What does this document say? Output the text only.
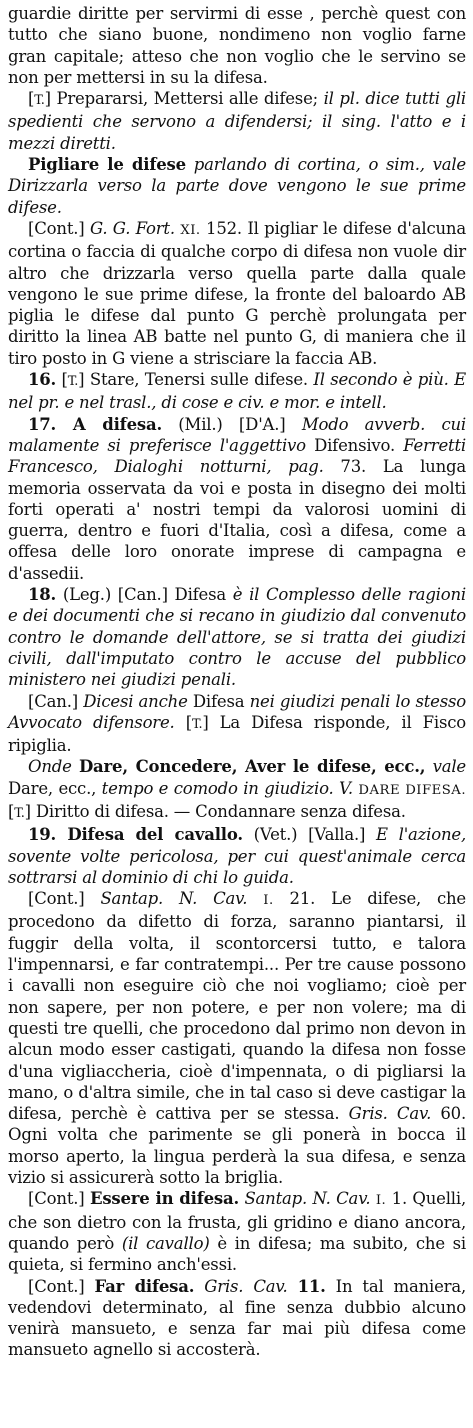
guardie diritte per servirmi di esse , perchè quest con tutto che siano buone, nondimeno non voglio farne gran capitale; atteso che non voglio che le servino se non per mettersi in su la difesa.

[T.] Prepararsi, Mettersi alle difese; il pl. dice tutti gli spedienti che servono a difendersi; il sing. l'atto e i mezzi diretti.

Pigliare le difese parlando di cortina, o sim., vale Dirizzarla verso la parte dove vengono le sue prime difese.

[Cont.] G. G. Fort. XI. 152. Il pigliar le difese d'alcuna cortina o faccia di qualche corpo di difesa non vuole dir altro che drizzarla verso quella parte dalla quale vengono le sue prime difese, la fronte del baloardo AB piglia le difese dal punto G perchè prolungata per diritto la linea AB batte nel punto G, di maniera che il tiro posto in G viene a strisciare la faccia AB.

16. [T.] Stare, Tenersi sulle difese. Il secondo è più. E nel pr. e nel trasl., di cose e civ. e mor. e intell.

17. A difesa. (Mil.) [D'A.] Modo avverb. cui malamente si preferisce l'aggettivo Difensivo. Ferretti Francesco, Dialoghi notturni, pag. 73. La lunga memoria osservata da voi e posta in disegno dei molti forti operati a' nostri tempi da valorosi uomini di guerra, dentro e fuori d'Italia, così a difesa, come a offesa delle loro onorate imprese di campagna e d'assedii.

18. (Leg.) [Can.] Difesa è il Complesso delle ragioni e dei documenti che si recano in giudizio dal convenuto contro le domande dell'attore, se si tratta dei giudizi civili, dall'imputato contro le accuse del pubblico ministero nei giudizi penali.

[Can.] Dicesi anche Difesa nei giudizi penali lo stesso Avvocato difensore. [T.] La Difesa risponde, il Fisco ripiglia.

Onde Dare, Concedere, Aver le difese, ecc., vale Dare, ecc., tempo e comodo in giudizio. V. DARE DIFESA. [T.] Diritto di difesa. — Condannare senza difesa.

19. Difesa del cavallo. (Vet.) [Valla.] E l'azione, sovente volte pericolosa, per cui quest'animale cerca sottrarsi al dominio di chi lo guida.

[Cont.] Santap. N. Cav. I. 21. Le difese, che procedono da difetto di forza, saranno piantarsi, il fuggir della volta, il scontorcersi tutto, e talora l'impennarsi, e far contratempi... Per tre cause possono i cavalli non eseguire ciò che noi vogliamo; cioè per non sapere, per non potere, e per non volere; ma di questi tre quelli, che procedono dal primo non devon in alcun modo esser castigati, quando la difesa non fosse d'una vigliaccheria, cioè d'impennata, o di pigliarsi la mano, o d'altra simile, che in tal caso si deve castigar la difesa, perchè è cattiva per se stessa. Gris. Cav. 60. Ogni volta che parimente se gli ponerà in bocca il morso aperto, la lingua perderà la sua difesa, e senza vizio si assicurerà sotto la briglia.

[Cont.] Essere in difesa. Santap. N. Cav. I. 1. Quelli, che son dietro con la frusta, gli gridino e diano ancora, quando però (il cavallo) è in difesa; ma subito, che si quieta, si fermino anch'essi.

[Cont.] Far difesa. Gris. Cav. 11. In tal maniera, vedendovi determinato, al fine senza dubbio alcuno venirà mansueto, e senza far mai più difesa come mansueto agnello si accosterà.
